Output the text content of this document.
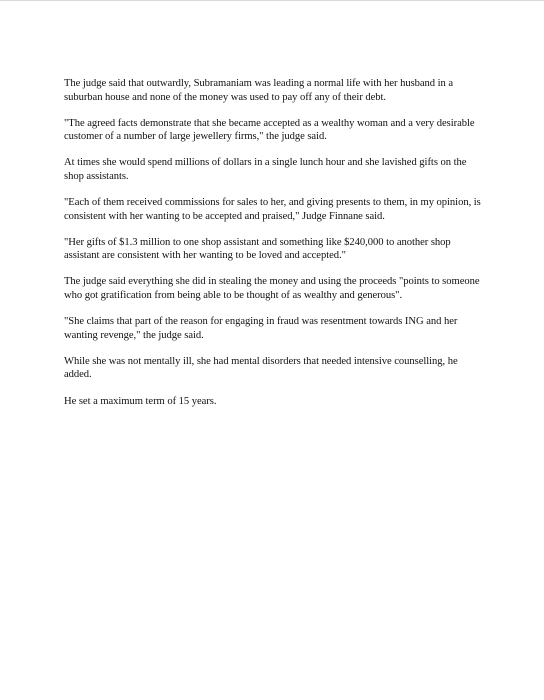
The judge said that outwardly, Subramaniam was leading a normal life with her husband in a suburban house and none of the money was used to pay off any of their debt.

"The agreed facts demonstrate that she became accepted as a wealthy woman and a very desirable customer of a number of large jewellery firms," the judge said.

At times she would spend millions of dollars in a single lunch hour and she lavished gifts on the shop assistants.

"Each of them received commissions for sales to her, and giving presents to them, in my opinion, is consistent with her wanting to be accepted and praised," Judge Finnane said.

"Her gifts of $1.3 million to one shop assistant and something like $240,000 to another shop assistant are consistent with her wanting to be loved and accepted."

The judge said everything she did in stealing the money and using the proceeds "points to someone who got gratification from being able to be thought of as wealthy and generous".

"She claims that part of the reason for engaging in fraud was resentment towards ING and her wanting revenge," the judge said.

While she was not mentally ill, she had mental disorders that needed intensive counselling, he added.

He set a maximum term of 15 years.
